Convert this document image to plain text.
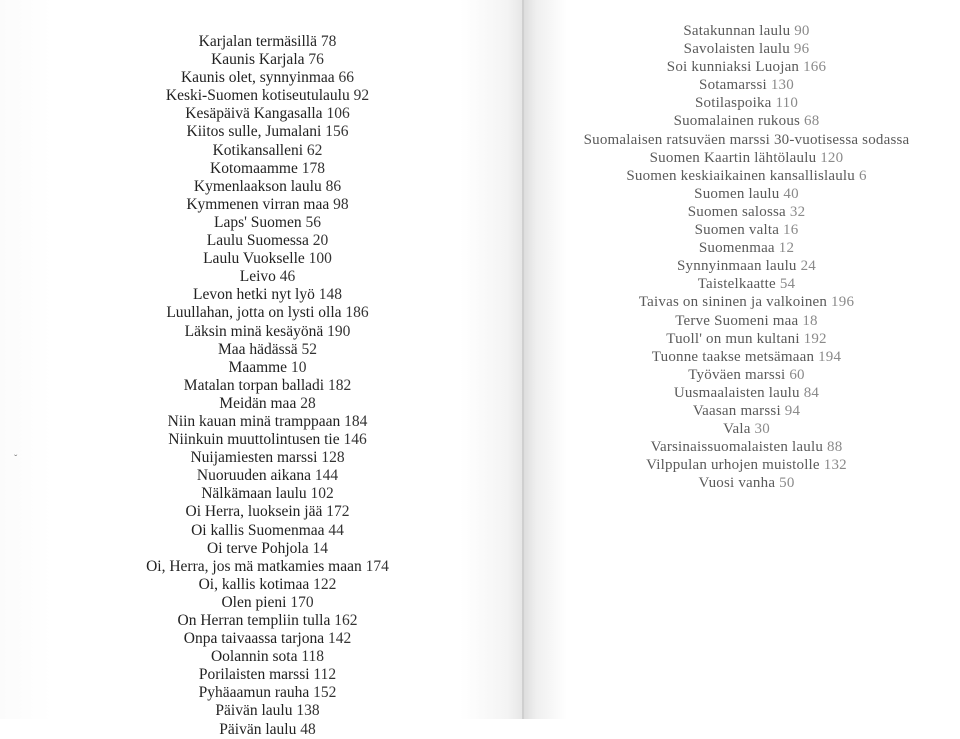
Karjalan termäsillä 78
Kaunis Karjala 76
Kaunis olet, synnyinmaa 66
Keski-Suomen kotiseutulaulu 92
Kesäpäivä Kangasalla 106
Kiitos sulle, Jumalani 156
Kotikansalleni 62
Kotomaamme 178
Kymenlaakson laulu 86
Kymmenen virran maa 98
Laps' Suomen 56
Laulu Suomessa 20
Laulu Vuokselle 100
Leivo 46
Levon hetki nyt lyö 148
Luullahan, jotta on lysti olla 186
Läksin minä kesäyönä 190
Maa hädässä 52
Maamme 10
Matalan torpan balladi 182
Meidän maa 28
Niin kauan minä tramppaan 184
Niinkuin muuttolintusen tie 146
Nuijamiesten marssi 128
Nuoruuden aikana 144
Nälkämaan laulu 102
Oi Herra, luoksein jää 172
Oi kallis Suomenmaa 44
Oi terve Pohjola 14
Oi, Herra, jos mä matkamies maan 174
Oi, kallis kotimaa 122
Olen pieni 170
On Herran templiin tulla 162
Onpa taivaassa tarjona 142
Oolannin sota 118
Porilaisten marssi 112
Pyhäaamun rauha 152
Päivän laulu 138
Päivän laulu 48
ˇ
Satakunnan laulu 90
Savolaisten laulu 96
Soi kunniaksi Luojan 166
Sotamarssi 130
Sotilaspoika 110
Suomalainen rukous 68
Suomalaisen ratsuväen marssi 30-vuotisessa sodassa
Suomen Kaartin lähtölaulu 120
Suomen keskiaikainen kansallislaulu 6
Suomen laulu 40
Suomen salossa 32
Suomen valta 16
Suomenmaa 12
Synnyinmaan laulu 24
Taistelkaatte 54
Taivas on sininen ja valkoinen 196
Terve Suomeni maa 18
Tuoll' on mun kultani 192
Tuonne taakse metsämaan 194
Työväen marssi 60
Uusmaalaisten laulu 84
Vaasan marssi 94
Vala 30
Varsinaissuomalaisten laulu 88
Vilppulan urhojen muistolle 132
Vuosi vanha 50
